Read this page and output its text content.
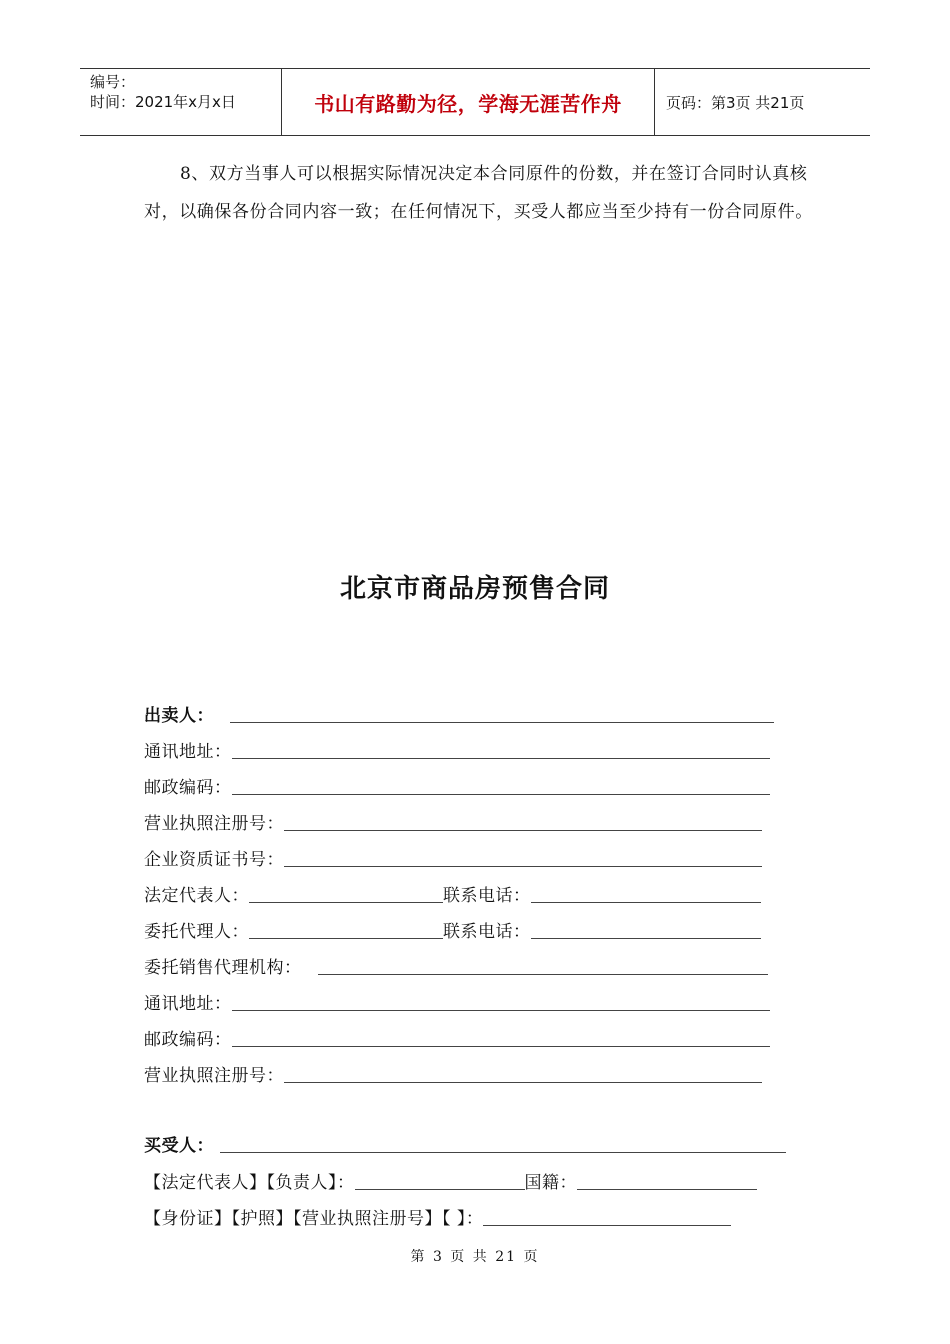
编号：
时间：2021年x月x日	书山有路勤为径，学海无涯苦作舟	页码：第3页 共21页
8、双方当事人可以根据实际情况决定本合同原件的份数，并在签订合同时认真核对，以确保各份合同内容一致；在任何情况下，买受人都应当至少持有一份合同原件。
北京市商品房预售合同
出卖人：
通讯地址：
邮政编码：
营业执照注册号：
企业资质证书号：
法定代表人：	联系电话：
委托代理人：	联系电话：
委托销售代理机构：
通讯地址：
邮政编码：
营业执照注册号：
买受人：
【法定代表人】【负责人】：	国籍：
【身份证】【护照】【营业执照注册号】【 】：
第 3 页 共 21 页
